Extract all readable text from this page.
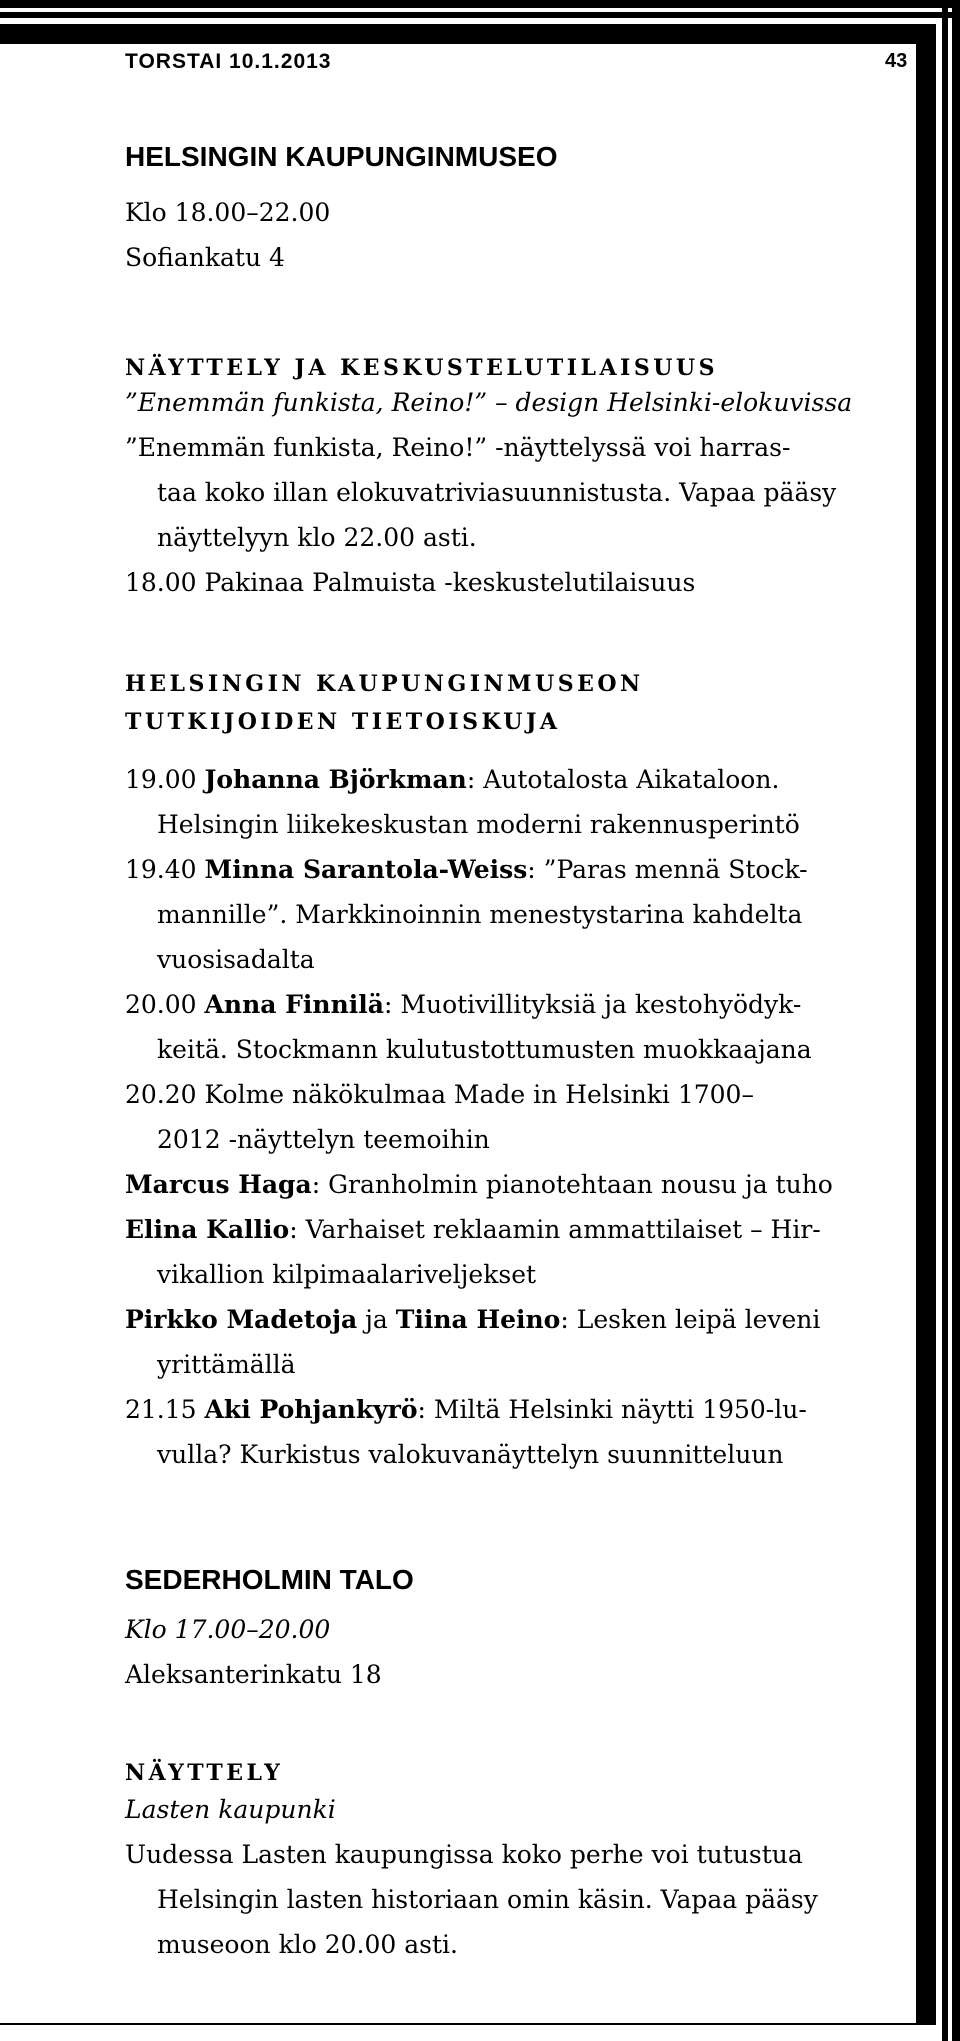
TORSTAI 10.1.2013	43

HELSINGIN KAUPUNGINMUSEO

Klo 18.00–22.00

Sofiankatu 4

NÄYTTELY JA KESKUSTELUTILAISUUS

”Enemmän funkista, Reino!” – design Helsinki-elokuvissa

”Enemmän funkista, Reino!” -näyttelyssä voi harras-

taa koko illan elokuvatriviasuunnistusta. Vapaa pääsy

näyttelyyn klo 22.00 asti.

18.00 Pakinaa Palmuista -keskustelutilaisuus

HELSINGIN KAUPUNGINMUSEON

TUTKIJOIDEN TIETOISKUJA

19.00 Johanna Björkman: Autotalosta Aikataloon.

Helsingin liikekeskustan moderni rakennusperintö

19.40 Minna Sarantola-Weiss: ”Paras mennä Stock-

mannille”. Markkinoinnin menestystarina kahdelta

vuosisadalta

20.00 Anna Finnilä: Muotivillityksiä ja kestohyödyk-

keitä. Stockmann kulutustottumusten muokkaajana

20.20 Kolme näkökulmaa Made in Helsinki 1700–

2012 -näyttelyn teemoihin

Marcus Haga: Granholmin pianotehtaan nousu ja tuho

Elina Kallio: Varhaiset reklaamin ammattilaiset – Hir-

vikallion kilpimaalariveljekset

Pirkko Madetoja ja Tiina Heino: Lesken leipä leveni

yrittämällä

21.15 Aki Pohjankyrö: Miltä Helsinki näytti 1950-lu-

vulla? Kurkistus valokuvanäyttelyn suunnitteluun

SEDERHOLMIN TALO

Klo 17.00–20.00

Aleksanterinkatu 18

NÄYTTELY

Lasten kaupunki

Uudessa Lasten kaupungissa koko perhe voi tutustua

Helsingin lasten historiaan omin käsin. Vapaa pääsy

museoon klo 20.00 asti.
